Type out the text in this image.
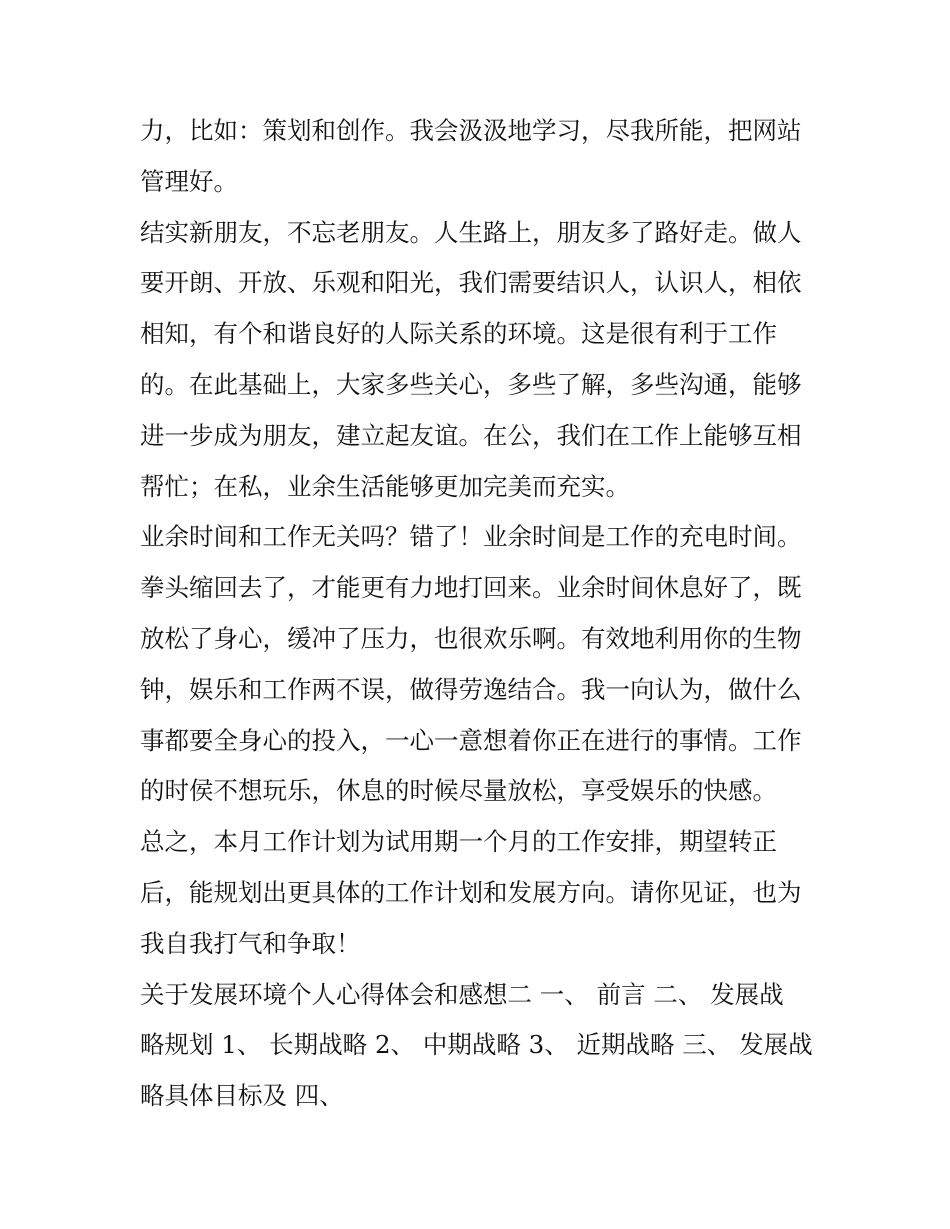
力，比如：策划和创作。我会汲汲地学习，尽我所能，把网站
管理好。
结实新朋友，不忘老朋友。人生路上，朋友多了路好走。做人
要开朗、开放、乐观和阳光，我们需要结识人，认识人，相依
相知，有个和谐良好的人际关系的环境。这是很有利于工作
的。在此基础上，大家多些关心，多些了解，多些沟通，能够
进一步成为朋友，建立起友谊。在公，我们在工作上能够互相
帮忙；在私，业余生活能够更加完美而充实。
业余时间和工作无关吗？错了！业余时间是工作的充电时间。
拳头缩回去了，才能更有力地打回来。业余时间休息好了，既
放松了身心，缓冲了压力，也很欢乐啊。有效地利用你的生物
钟，娱乐和工作两不误，做得劳逸结合。我一向认为，做什么
事都要全身心的投入，一心一意想着你正在进行的事情。工作
的时侯不想玩乐，休息的时候尽量放松，享受娱乐的快感。
总之，本月工作计划为试用期一个月的工作安排，期望转正
后，能规划出更具体的工作计划和发展方向。请你见证，也为
我自我打气和争取！
关于发展环境个人心得体会和感想二 一、 前言 二、 发展战
略规划 1、 长期战略 2、 中期战略 3、 近期战略 三、 发展战
略具体目标及 四、
